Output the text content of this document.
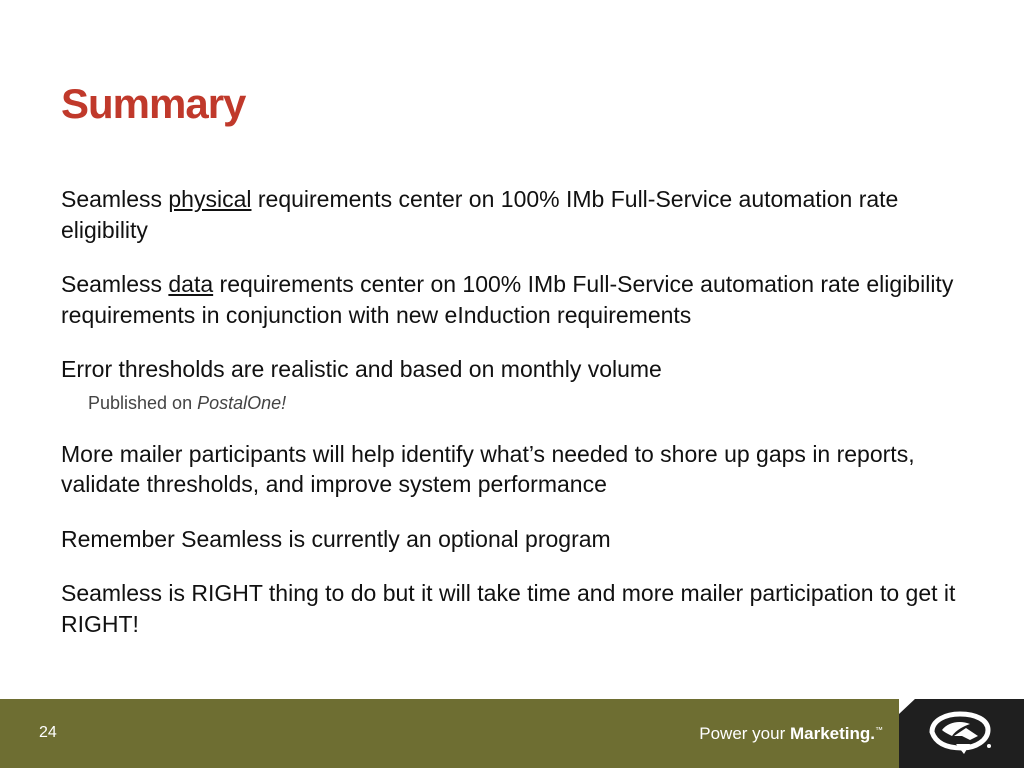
Summary

Seamless physical requirements center on 100% IMb Full-Service automation rate eligibility

Seamless data requirements center on 100% IMb Full-Service automation rate eligibility requirements in conjunction with new eInduction requirements

Error thresholds are realistic and based on monthly volume

Published on PostalOne!

More mailer participants will help identify what’s needed to shore up gaps in reports, validate thresholds, and improve system performance

Remember Seamless is currently an optional program

Seamless is RIGHT thing to do but it will take time and more mailer participation to get it RIGHT!

24	Power your Marketing.™
